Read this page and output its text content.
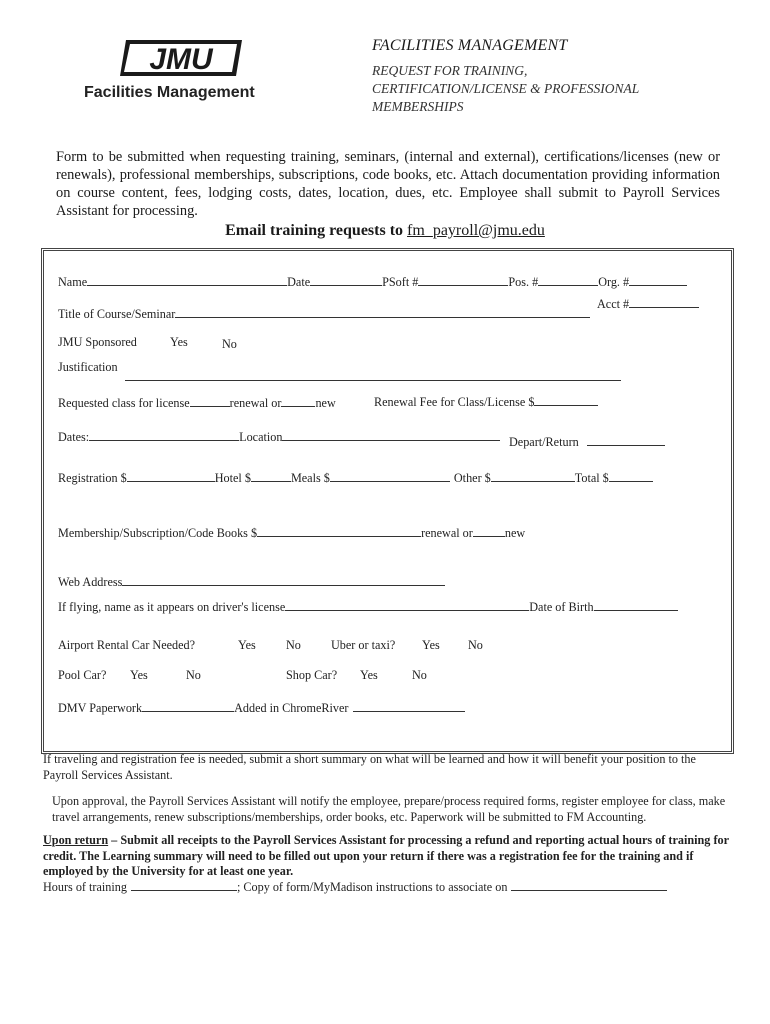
JMU
Facilities Management
FACILITIES MANAGEMENT
REQUEST FOR TRAINING,
CERTIFICATION/LICENSE & PROFESSIONAL
MEMBERSHIPS
Form to be submitted when requesting training, seminars, (internal and external), certifications/licenses (new or renewals), professional memberships, subscriptions, code books, etc. Attach documentation providing information on course content, fees, lodging costs, dates, location, dues, etc. Employee shall submit to Payroll Services Assistant for processing.
Email training requests to fm_payroll@jmu.edu
Name	Date	PSoft #	Pos. #	Org. #
Acct #
Title of Course/Seminar
JMU Sponsored	Yes	No
Justification
Requested class for license	renewal or	new	Renewal Fee for Class/License $
Dates:	Location	Depart/Return
Registration $	Hotel $	Meals $	Other $	Total $
Membership/Subscription/Code Books $	renewal or	new
Web Address
If flying, name as it appears on driver's license	Date of Birth
Airport Rental Car Needed?	Yes No Uber or taxi? Yes No
Pool Car? Yes	No	Shop Car? Yes	No
DMV Paperwork	Added in ChromeRiver
If traveling and registration fee is needed, submit a short summary on what will be learned and how it will benefit your position to the Payroll Services Assistant.
Upon approval, the Payroll Services Assistant will notify the employee, prepare/process required forms, register employee for class, make travel arrangements, renew subscriptions/memberships, order books, etc. Paperwork will be submitted to FM Accounting.
Upon return – Submit all receipts to the Payroll Services Assistant for processing a refund and reporting actual hours of training for credit. The Learning summary will need to be filled out upon your return if there was a registration fee for the training and if employed by the University for at least one year.
Hours of training	; Copy of form/MyMadison instructions to associate on
